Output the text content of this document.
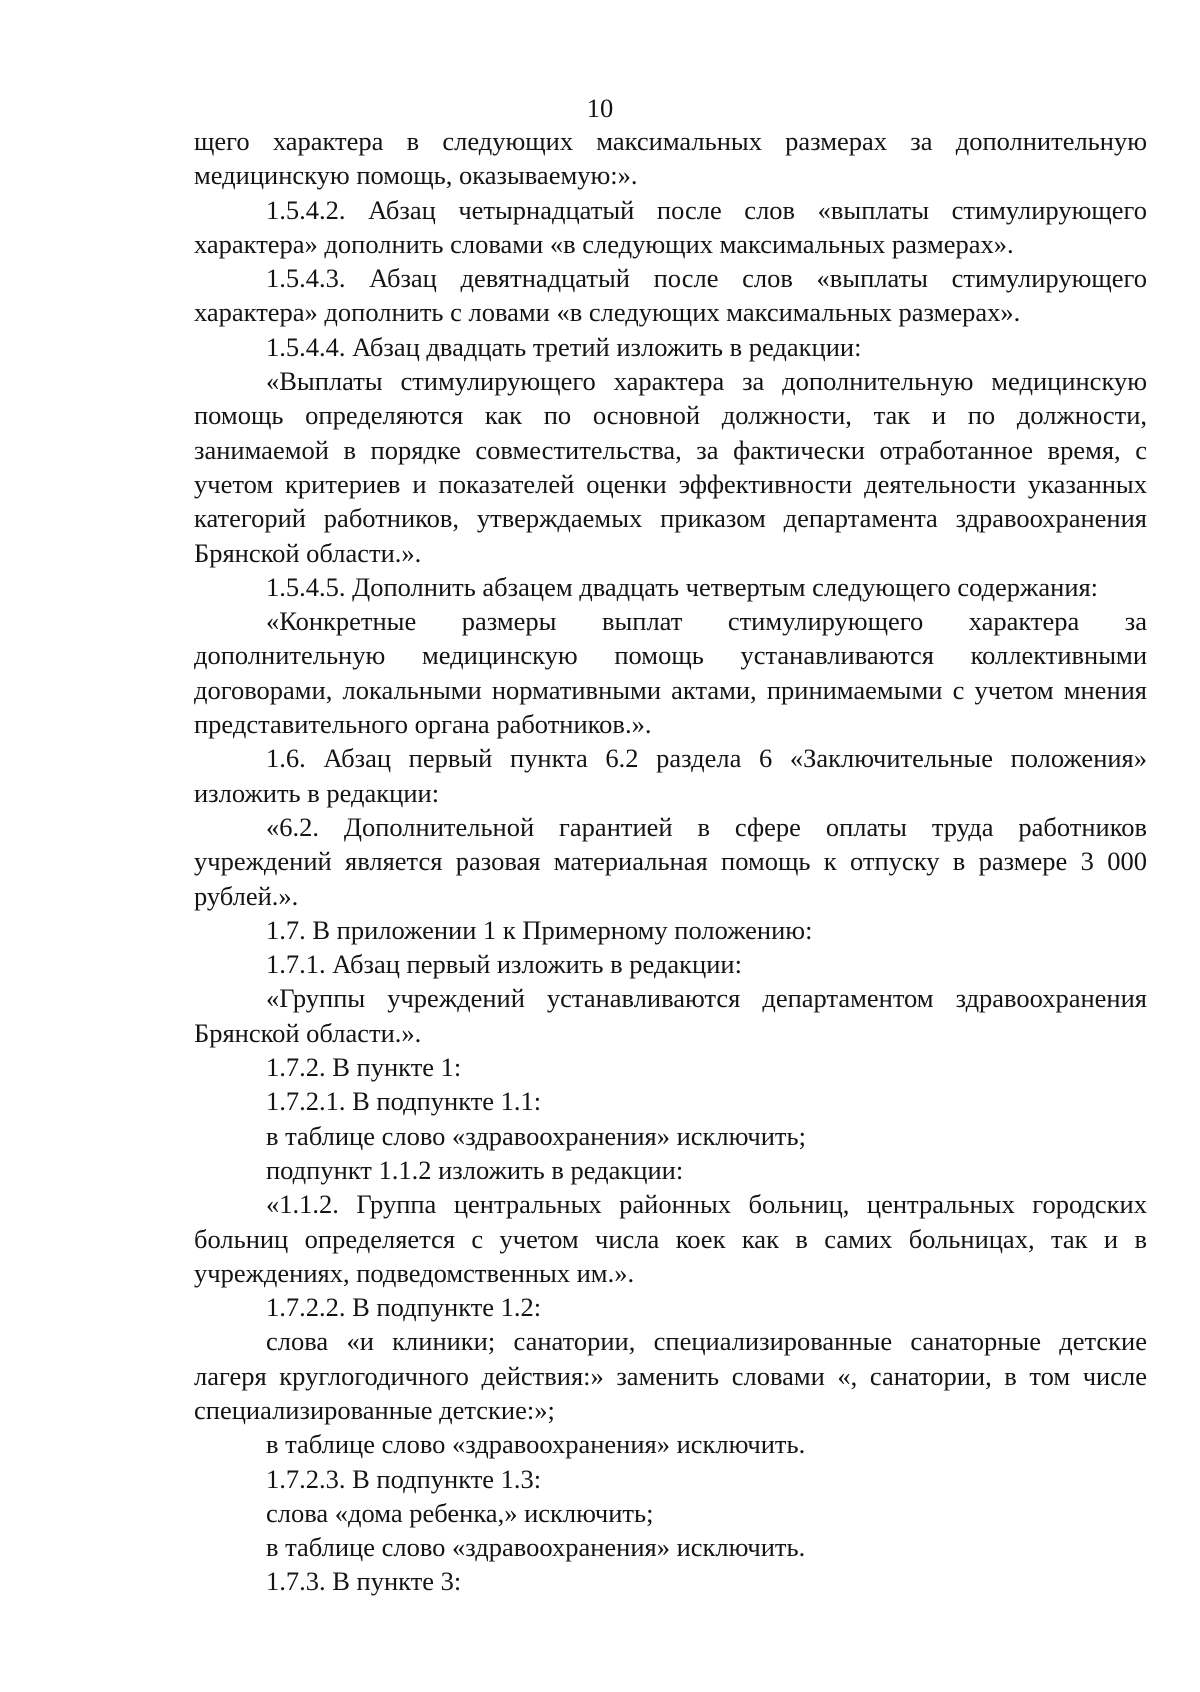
10

щего характера в следующих максимальных размерах за дополнительную медицинскую помощь, оказываемую:».

1.5.4.2. Абзац четырнадцатый после слов «выплаты стимулирующего характера» дополнить словами «в следующих максимальных размерах».

1.5.4.3. Абзац девятнадцатый после слов «выплаты стимулирующего характера» дополнить с ловами «в следующих максимальных размерах».

1.5.4.4. Абзац двадцать третий изложить в редакции:

«Выплаты стимулирующего характера за дополнительную медицинскую помощь определяются как по основной должности, так и по должности, занимаемой в порядке совместительства, за фактически отработанное время, с учетом критериев и показателей оценки эффективности деятельности указанных категорий работников, утверждаемых приказом департамента здравоохранения Брянской области.».

1.5.4.5. Дополнить абзацем двадцать четвертым следующего содержания:

«Конкретные размеры выплат стимулирующего характера за дополнительную медицинскую помощь устанавливаются коллективными договорами, локальными нормативными актами, принимаемыми с учетом мнения представительного органа работников.».

1.6. Абзац первый пункта 6.2 раздела 6 «Заключительные положения» изложить в редакции:

«6.2. Дополнительной гарантией в сфере оплаты труда работников учреждений является разовая материальная помощь к отпуску в размере 3 000 рублей.».

1.7. В приложении 1 к Примерному положению:

1.7.1. Абзац первый изложить в редакции:

«Группы учреждений устанавливаются департаментом здравоохранения Брянской области.».

1.7.2. В пункте 1:

1.7.2.1. В подпункте 1.1:

в таблице слово «здравоохранения» исключить;

подпункт 1.1.2 изложить в редакции:

«1.1.2. Группа центральных районных больниц, центральных городских больниц определяется с учетом числа коек как в самих больницах, так и в учреждениях, подведомственных им.».

1.7.2.2. В подпункте 1.2:

слова «и клиники; санатории, специализированные санаторные детские лагеря круглогодичного действия:» заменить словами «, санатории, в том числе специализированные детские:»;

в таблице слово «здравоохранения» исключить.

1.7.2.3. В подпункте 1.3:

слова «дома ребенка,» исключить;

в таблице слово «здравоохранения» исключить.

1.7.3. В пункте 3:
